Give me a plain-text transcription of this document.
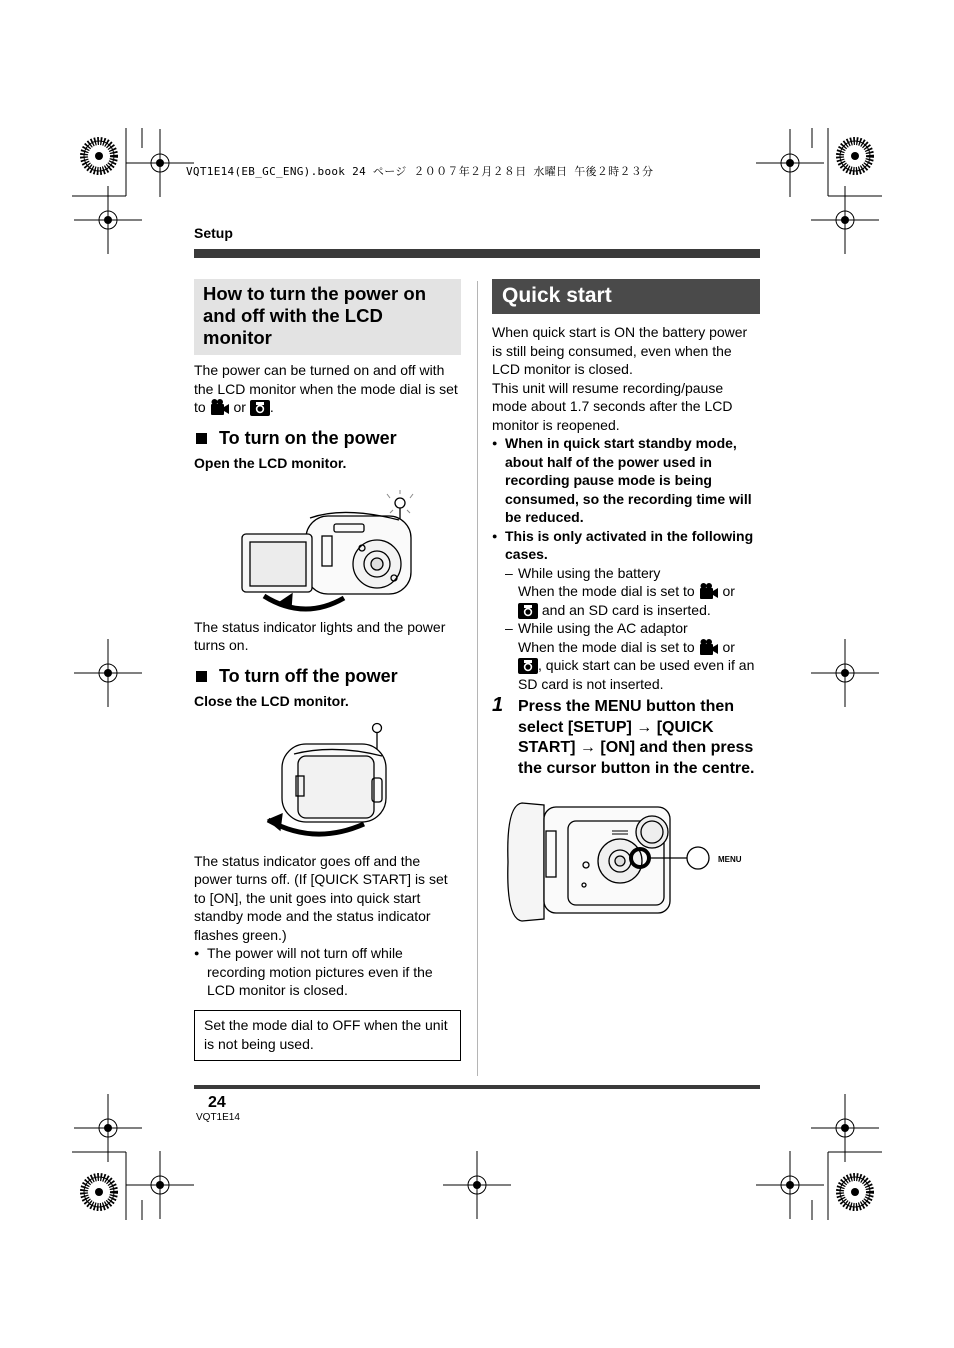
VQT1E14(EB_GC_ENG).book 24 ページ ２００７年２月２８日 水曜日 午後２時２３分
Setup
How to turn the power on and off with the LCD monitor

The power can be turned on and off with the LCD monitor when the mode dial is set to or .

To turn on the power

Open the LCD monitor.

The status indicator lights and the power turns on.

To turn off the power

Close the LCD monitor.

The status indicator goes off and the power turns off. (If [QUICK START] is set to [ON], the unit goes into quick start standby mode and the status indicator flashes green.)

● The power will not turn off while recording motion pictures even if the LCD monitor is closed.

Set the mode dial to OFF when the unit is not being used.
Quick start

When quick start is ON the battery power is still being consumed, even when the LCD monitor is closed.

This unit will resume recording/pause mode about 1.7 seconds after the LCD monitor is reopened.

● When in quick start standby mode, about half of the power used in recording pause mode is being consumed, so the recording time will be reduced.

● This is only activated in the following cases.

– While using the battery

When the mode dial is set to or
and an SD card is inserted.

– While using the AC adaptor

When the mode dial is set to or
, quick start can be used even if an SD card is not inserted.

1 Press the MENU button then select [SETUP] → [QUICK START] → [ON] and then press the cursor button in the centre.

MENU
24
VQT1E14
